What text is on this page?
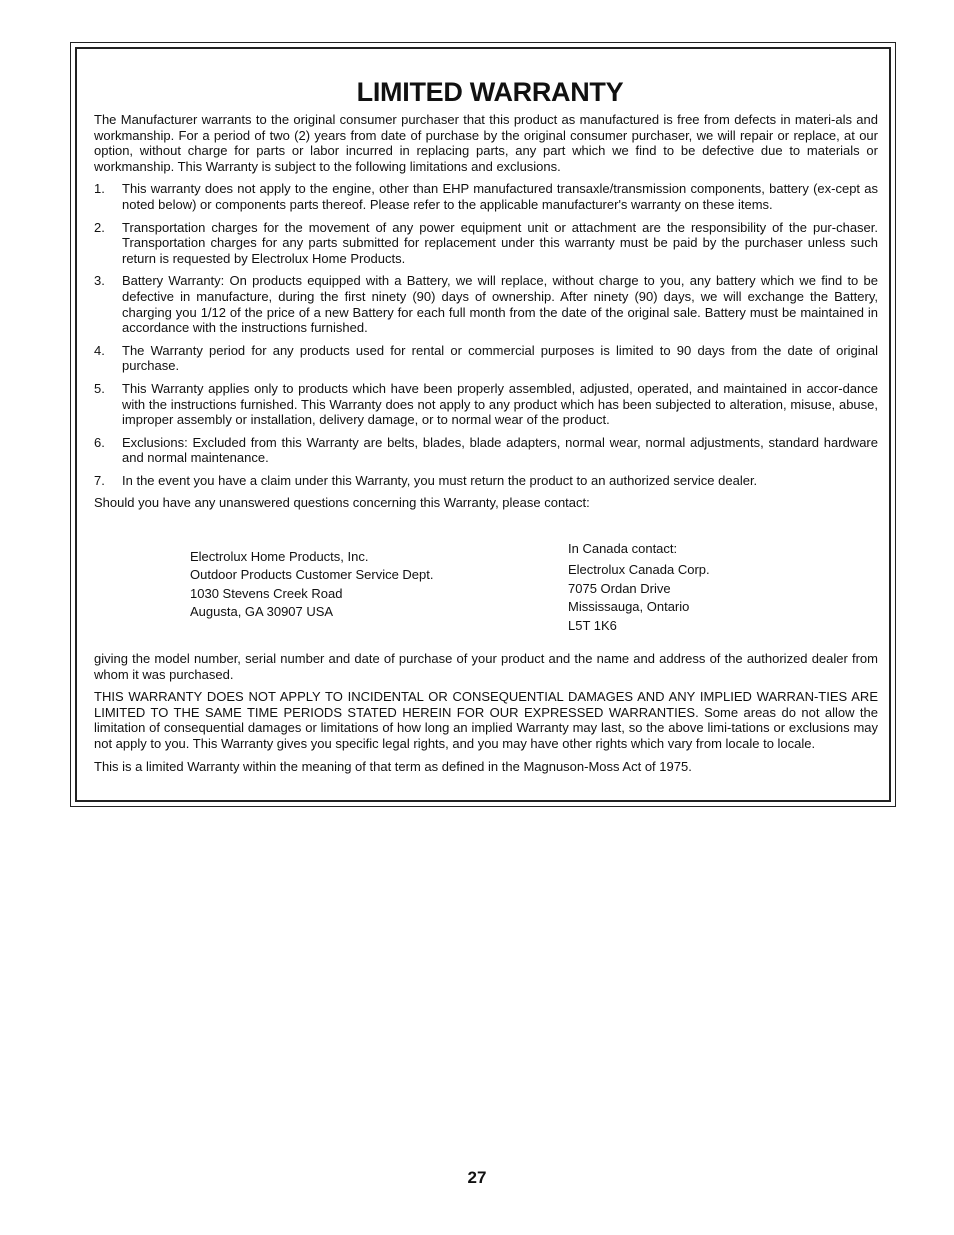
LIMITED WARRANTY

The Manufacturer warrants to the original consumer purchaser that this product as manufactured is free from defects in materi-als and workmanship. For a period of two (2) years from date of purchase by the original consumer purchaser, we will repair or replace, at our option, without charge for parts or labor incurred in replacing parts, any part which we find to be defective due to materials or workmanship. This Warranty is subject to the following limitations and exclusions.

1. This warranty does not apply to the engine, other than EHP manufactured transaxle/transmission components, battery (ex-cept as noted below) or components parts thereof. Please refer to the applicable manufacturer's warranty on these items.
2. Transportation charges for the movement of any power equipment unit or attachment are the responsibility of the pur-chaser. Transportation charges for any parts submitted for replacement under this warranty must be paid by the purchaser unless such return is requested by Electrolux Home Products.
3. Battery Warranty: On products equipped with a Battery, we will replace, without charge to you, any battery which we find to be defective in manufacture, during the first ninety (90) days of ownership. After ninety (90) days, we will exchange the Battery, charging you 1/12 of the price of a new Battery for each full month from the date of the original sale. Battery must be maintained in accordance with the instructions furnished.
4. The Warranty period for any products used for rental or commercial purposes is limited to 90 days from the date of original purchase.
5. This Warranty applies only to products which have been properly assembled, adjusted, operated, and maintained in accor-dance with the instructions furnished. This Warranty does not apply to any product which has been subjected to alteration, misuse, abuse, improper assembly or installation, delivery damage, or to normal wear of the product.
6. Exclusions: Excluded from this Warranty are belts, blades, blade adapters, normal wear, normal adjustments, standard hardware and normal maintenance.
7. In the event you have a claim under this Warranty, you must return the product to an authorized service dealer.

Should you have any unanswered questions concerning this Warranty, please contact:

Electrolux Home Products, Inc.
Outdoor Products Customer Service Dept.
1030 Stevens Creek Road
Augusta, GA 30907 USA
In Canada contact:
Electrolux Canada Corp.
7075 Ordan Drive
Mississauga, Ontario
L5T 1K6

giving the model number, serial number and date of purchase of your product and the name and address of the authorized dealer from whom it was purchased.

THIS WARRANTY DOES NOT APPLY TO INCIDENTAL OR CONSEQUENTIAL DAMAGES AND ANY IMPLIED WARRAN-TIES ARE LIMITED TO THE SAME TIME PERIODS STATED HEREIN FOR OUR EXPRESSED WARRANTIES. Some areas do not allow the limitation of consequential damages or limitations of how long an implied Warranty may last, so the above limi-tations or exclusions may not apply to you. This Warranty gives you specific legal rights, and you may have other rights which vary from locale to locale.

This is a limited Warranty within the meaning of that term as defined in the Magnuson-Moss Act of 1975.

27
